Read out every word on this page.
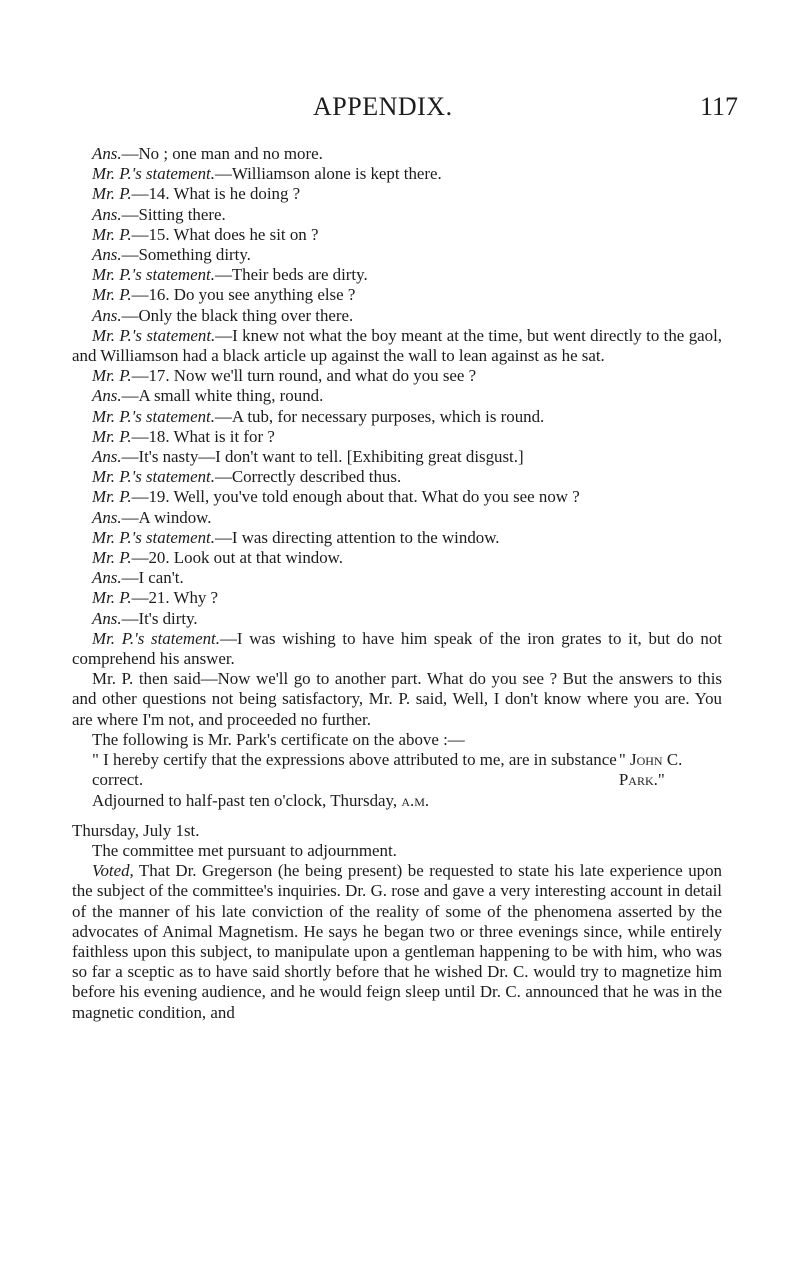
APPENDIX.	117

Ans.—No ; one man and no more.

Mr. P.'s statement.—Williamson alone is kept there.

Mr. P.—14. What is he doing ?

Ans.—Sitting there.

Mr. P.—15. What does he sit on ?

Ans.—Something dirty.

Mr. P.'s statement.—Their beds are dirty.

Mr. P.—16. Do you see anything else ?

Ans.—Only the black thing over there.

Mr. P.'s statement.—I knew not what the boy meant at the time, but went directly to the gaol, and Williamson had a black article up against the wall to lean against as he sat.

Mr. P.—17. Now we'll turn round, and what do you see ?

Ans.—A small white thing, round.

Mr. P.'s statement.—A tub, for necessary purposes, which is round.

Mr. P.—18. What is it for ?

Ans.—It's nasty—I don't want to tell. [Exhibiting great disgust.]

Mr. P.'s statement.—Correctly described thus.

Mr. P.—19. Well, you've told enough about that. What do you see now ?

Ans.—A window.

Mr. P.'s statement.—I was directing attention to the window.

Mr. P.—20. Look out at that window.

Ans.—I can't.

Mr. P.—21. Why ?

Ans.—It's dirty.

Mr. P.'s statement.—I was wishing to have him speak of the iron grates to it, but do not comprehend his answer.

Mr. P. then said—Now we'll go to another part. What do you see ? But the answers to this and other questions not being satisfactory, Mr. P. said, Well, I don't know where you are. You are where I'm not, and proceeded no further.

The following is Mr. Park's certificate on the above :—

" I hereby certify that the expressions above attributed to me, are in substance correct.
" John C. Park."

Adjourned to half-past ten o'clock, Thursday, a.m.

Thursday, July 1st.

The committee met pursuant to adjournment.

Voted, That Dr. Gregerson (he being present) be requested to state his late experience upon the subject of the committee's inquiries. Dr. G. rose and gave a very interesting account in detail of the manner of his late conviction of the reality of some of the phenomena asserted by the advocates of Animal Magnetism. He says he began two or three evenings since, while entirely faithless upon this subject, to manipulate upon a gentleman happening to be with him, who was so far a sceptic as to have said shortly before that he wished Dr. C. would try to magnetize him before his evening audience, and he would feign sleep until Dr. C. announced that he was in the magnetic condition, and
